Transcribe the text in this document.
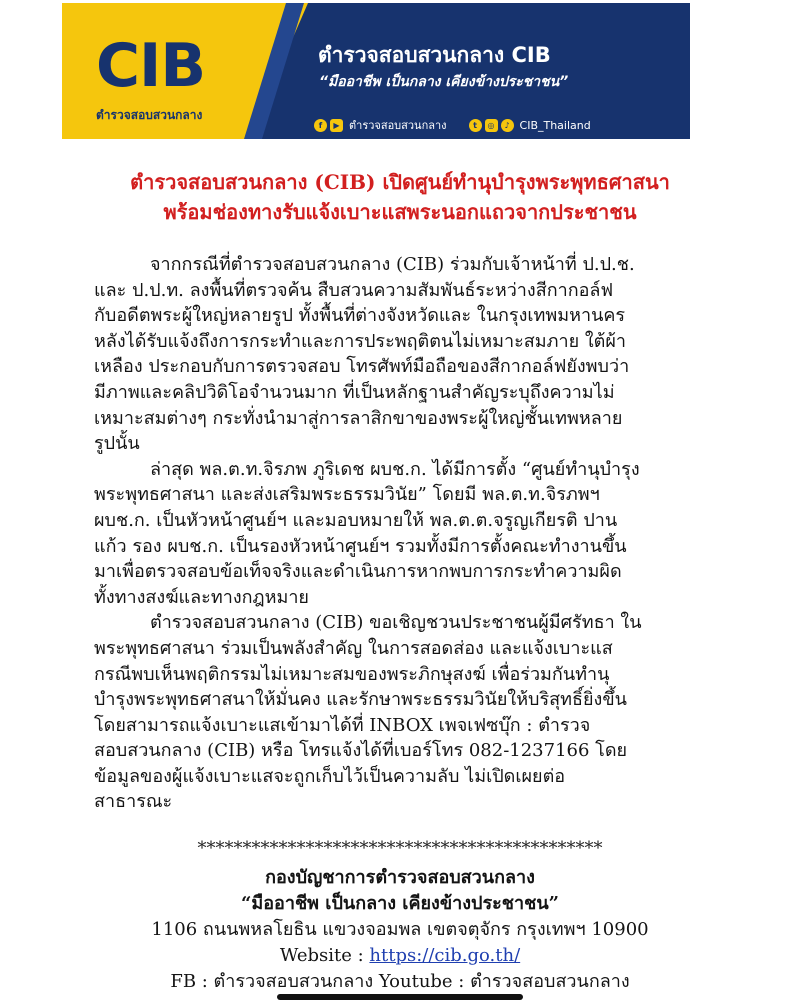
CIB
ตำรวจสอบสวนกลาง
ตำรวจสอบสวนกลาง CIB
“มืออาชีพ เป็นกลาง เคียงข้างประชาชน”
f	▶ ตำรวจสอบสวนกลาง	t	◎	♪ CIB_Thailand
ตำรวจสอบสวนกลาง (CIB) เปิดศูนย์ทำนุบำรุงพระพุทธศาสนา
พร้อมช่องทางรับแจ้งเบาะแสพระนอกแถวจากประชาชน
จากกรณีที่ตำรวจสอบสวนกลาง (CIB) ร่วมกับเจ้าหน้าที่ ป.ป.ช.
และ ป.ป.ท. ลงพื้นที่ตรวจค้น สืบสวนความสัมพันธ์ระหว่างสีกากอล์ฟ
กับอดีตพระผู้ใหญ่หลายรูป ทั้งพื้นที่ต่างจังหวัดและ ในกรุงเทพมหานคร
หลังได้รับแจ้งถึงการกระทำและการประพฤติตนไม่เหมาะสมภาย ใต้ผ้า
เหลือง ประกอบกับการตรวจสอบ โทรศัพท์มือถือของสีกากอล์ฟยังพบว่า
มีภาพและคลิปวิดิโอจำนวนมาก ที่เป็นหลักฐานสำคัญระบุถึงความไม่
เหมาะสมต่างๆ กระทั่งนำมาสู่การลาสิกขาของพระผู้ใหญ่ชั้นเทพหลาย
รูปนั้น
ล่าสุด พล.ต.ท.จิรภพ ภูริเดช ผบช.ก. ได้มีการตั้ง “ศูนย์ทำนุบำรุง
พระพุทธศาสนา และส่งเสริมพระธรรมวินัย” โดยมี พล.ต.ท.จิรภพฯ
ผบช.ก. เป็นหัวหน้าศูนย์ฯ และมอบหมายให้ พล.ต.ต.จรูญเกียรติ ปาน
แก้ว รอง ผบช.ก. เป็นรองหัวหน้าศูนย์ฯ รวมทั้งมีการตั้งคณะทำงานขึ้น
มาเพื่อตรวจสอบข้อเท็จจริงและดำเนินการหากพบการกระทำความผิด
ทั้งทางสงฆ์และทางกฎหมาย
ตำรวจสอบสวนกลาง (CIB) ขอเชิญชวนประชาชนผู้มีศรัทธา ใน
พระพุทธศาสนา ร่วมเป็นพลังสำคัญ ในการสอดส่อง และแจ้งเบาะแส
กรณีพบเห็นพฤติกรรมไม่เหมาะสมของพระภิกษุสงฆ์ เพื่อร่วมกันทำนุ
บำรุงพระพุทธศาสนาให้มั่นคง และรักษาพระธรรมวินัยให้บริสุทธิ์ยิ่งขึ้น
โดยสามารถแจ้งเบาะแสเข้ามาได้ที่ INBOX เพจเฟซบุ๊ก : ตำรวจ
สอบสวนกลาง (CIB) หรือ โทรแจ้งได้ที่เบอร์โทร 082-1237166 โดย
ข้อมูลของผู้แจ้งเบาะแสจะถูกเก็บไว้เป็นความลับ ไม่เปิดเผยต่อ
สาธารณะ
*********************************************
กองบัญชาการตำรวจสอบสวนกลาง
“มืออาชีพ เป็นกลาง เคียงข้างประชาชน”
1106 ถนนพหลโยธิน แขวงจอมพล เขตจตุจักร กรุงเทพฯ 10900
Website : https://cib.go.th/
FB : ตำรวจสอบสวนกลาง Youtube : ตำรวจสอบสวนกลาง
